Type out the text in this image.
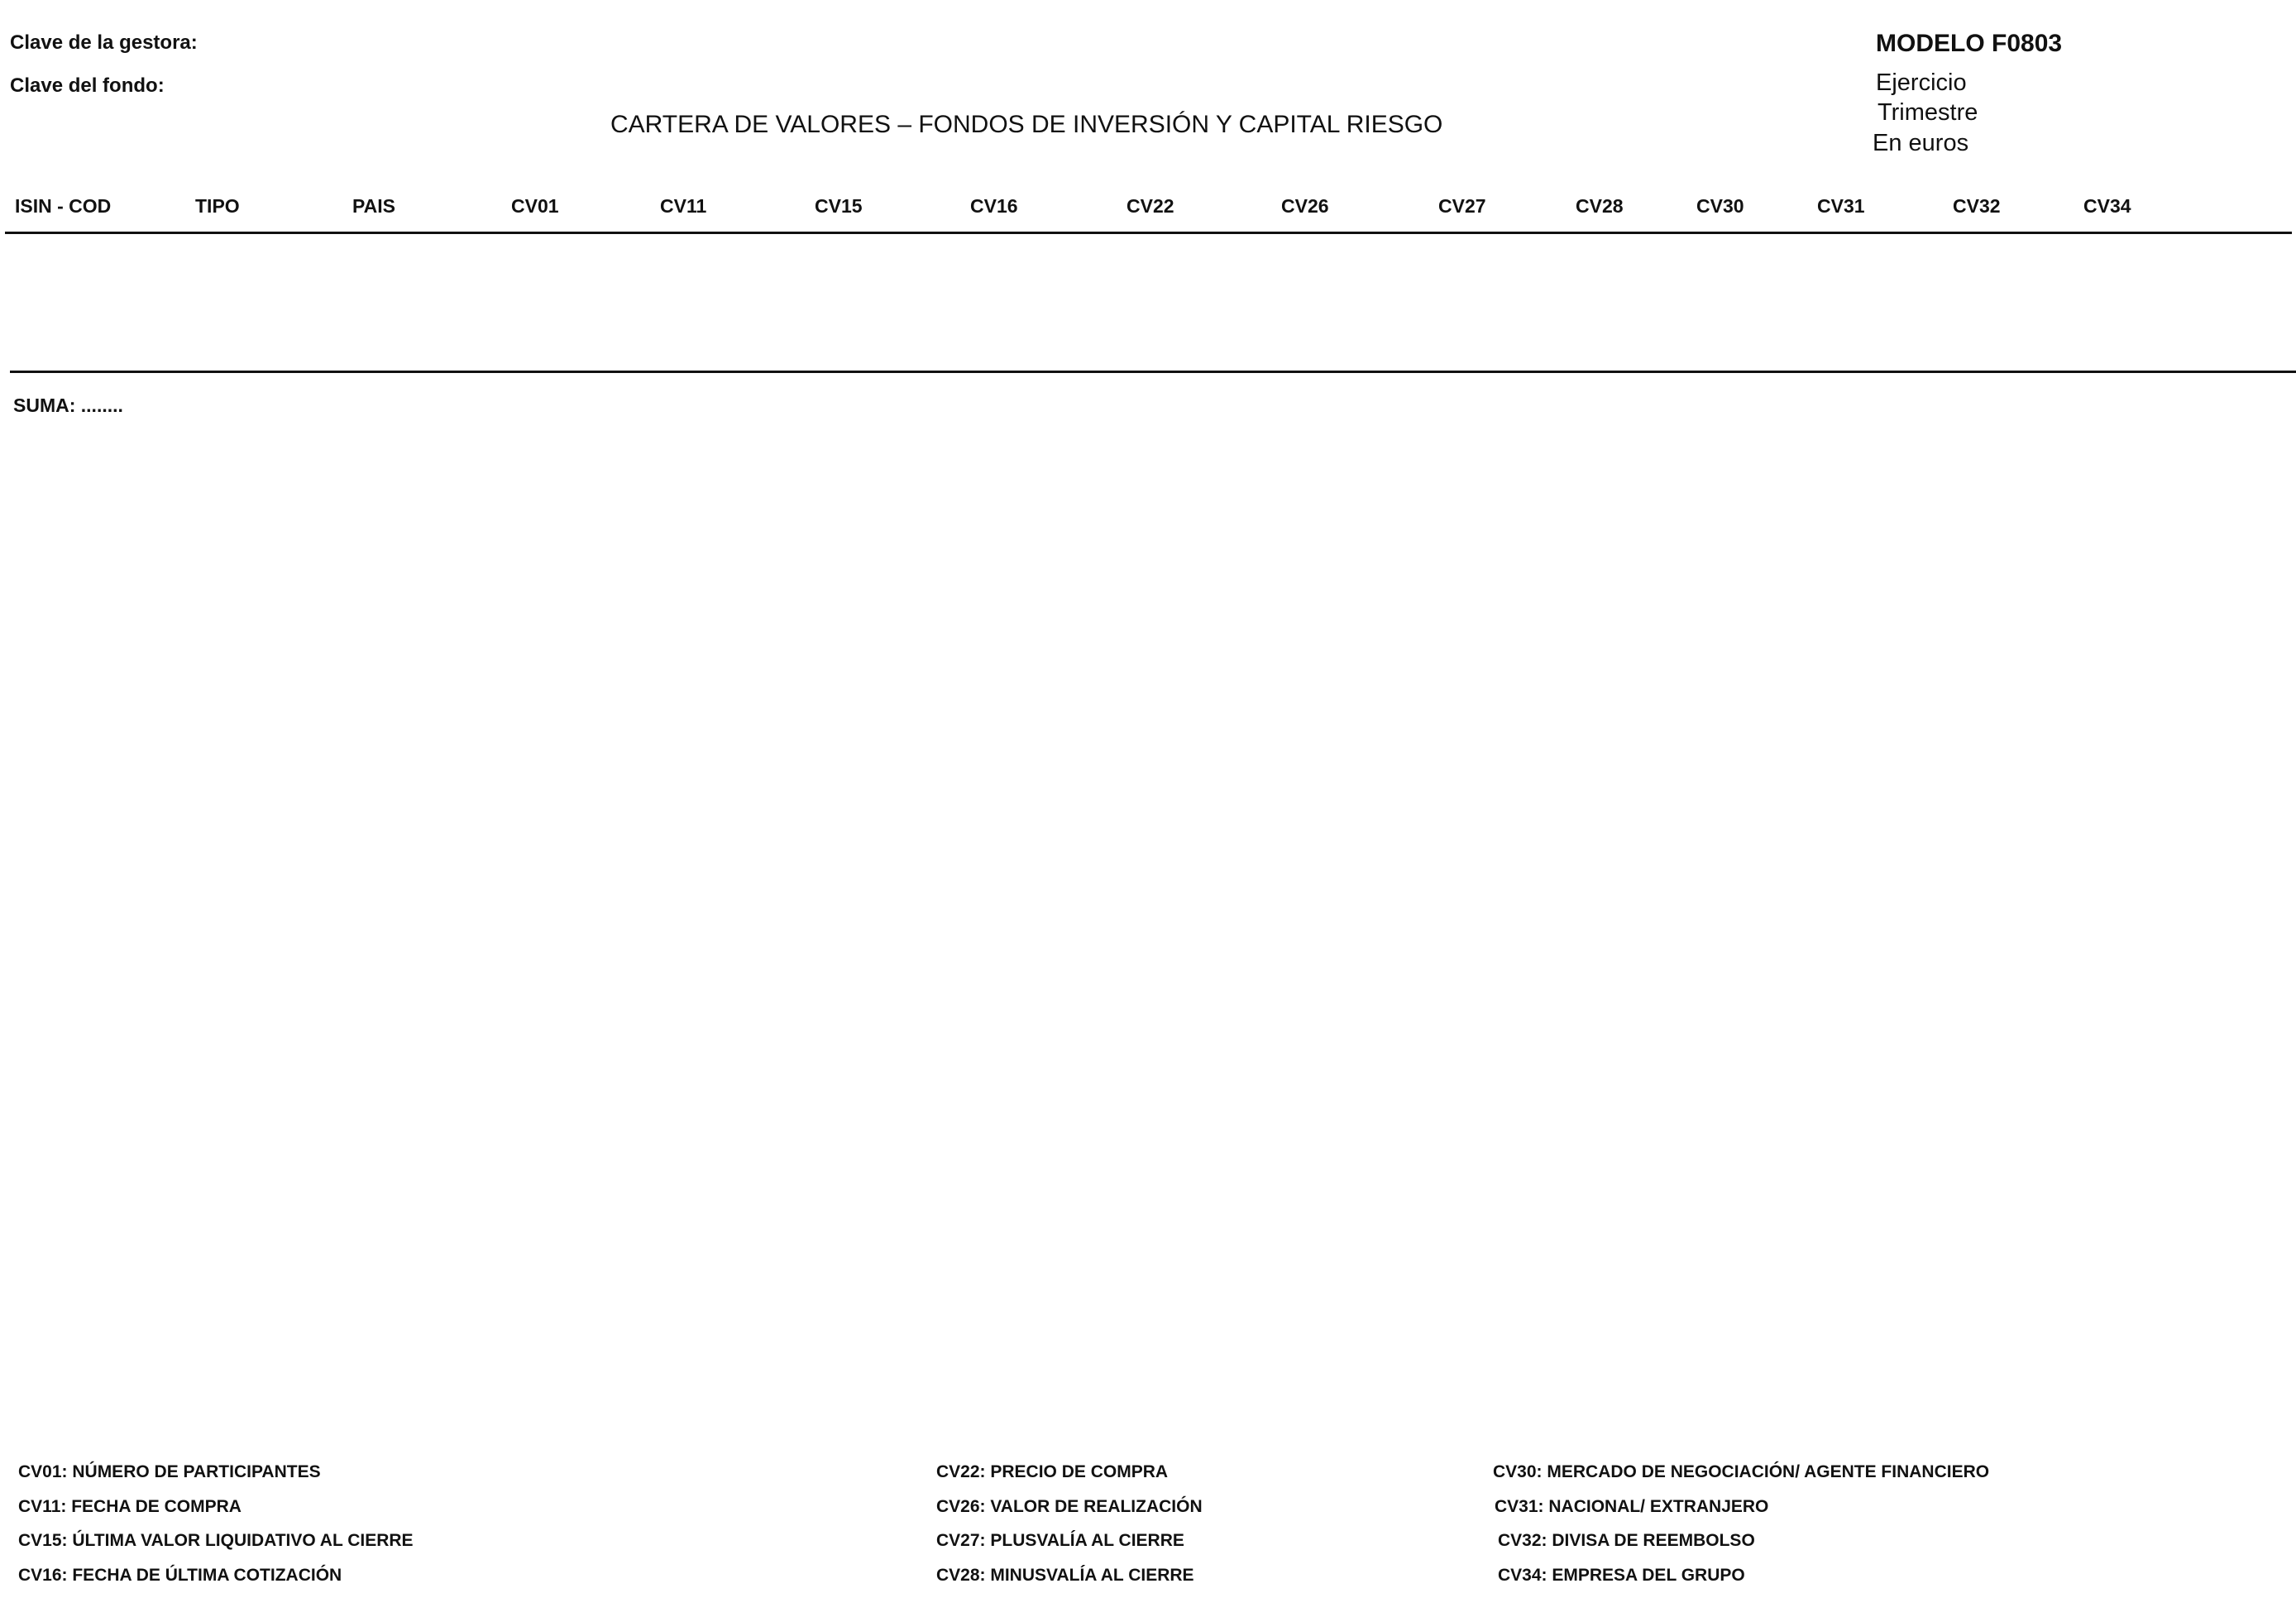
Clave de la gestora:
Clave del fondo:
MODELO F0803
Ejercicio
Trimestre
En euros
CARTERA DE VALORES – FONDOS DE INVERSIÓN Y CAPITAL RIESGO
ISIN - COD	TIPO	PAIS	CV01	CV11	CV15	CV16	CV22	CV26	CV27	CV28	CV30	CV31	CV32	CV34
SUMA: ........
CV01: NÚMERO DE PARTICIPANTES
CV11: FECHA DE COMPRA
CV15: ÚLTIMA VALOR LIQUIDATIVO AL CIERRE
CV16: FECHA DE ÚLTIMA COTIZACIÓN
CV22: PRECIO DE COMPRA
CV26: VALOR DE REALIZACIÓN
CV27: PLUSVALÍA AL CIERRE
CV28: MINUSVALÍA AL CIERRE
CV30: MERCADO DE NEGOCIACIÓN/ AGENTE FINANCIERO
CV31: NACIONAL/ EXTRANJERO
CV32: DIVISA DE REEMBOLSO
CV34: EMPRESA DEL GRUPO
